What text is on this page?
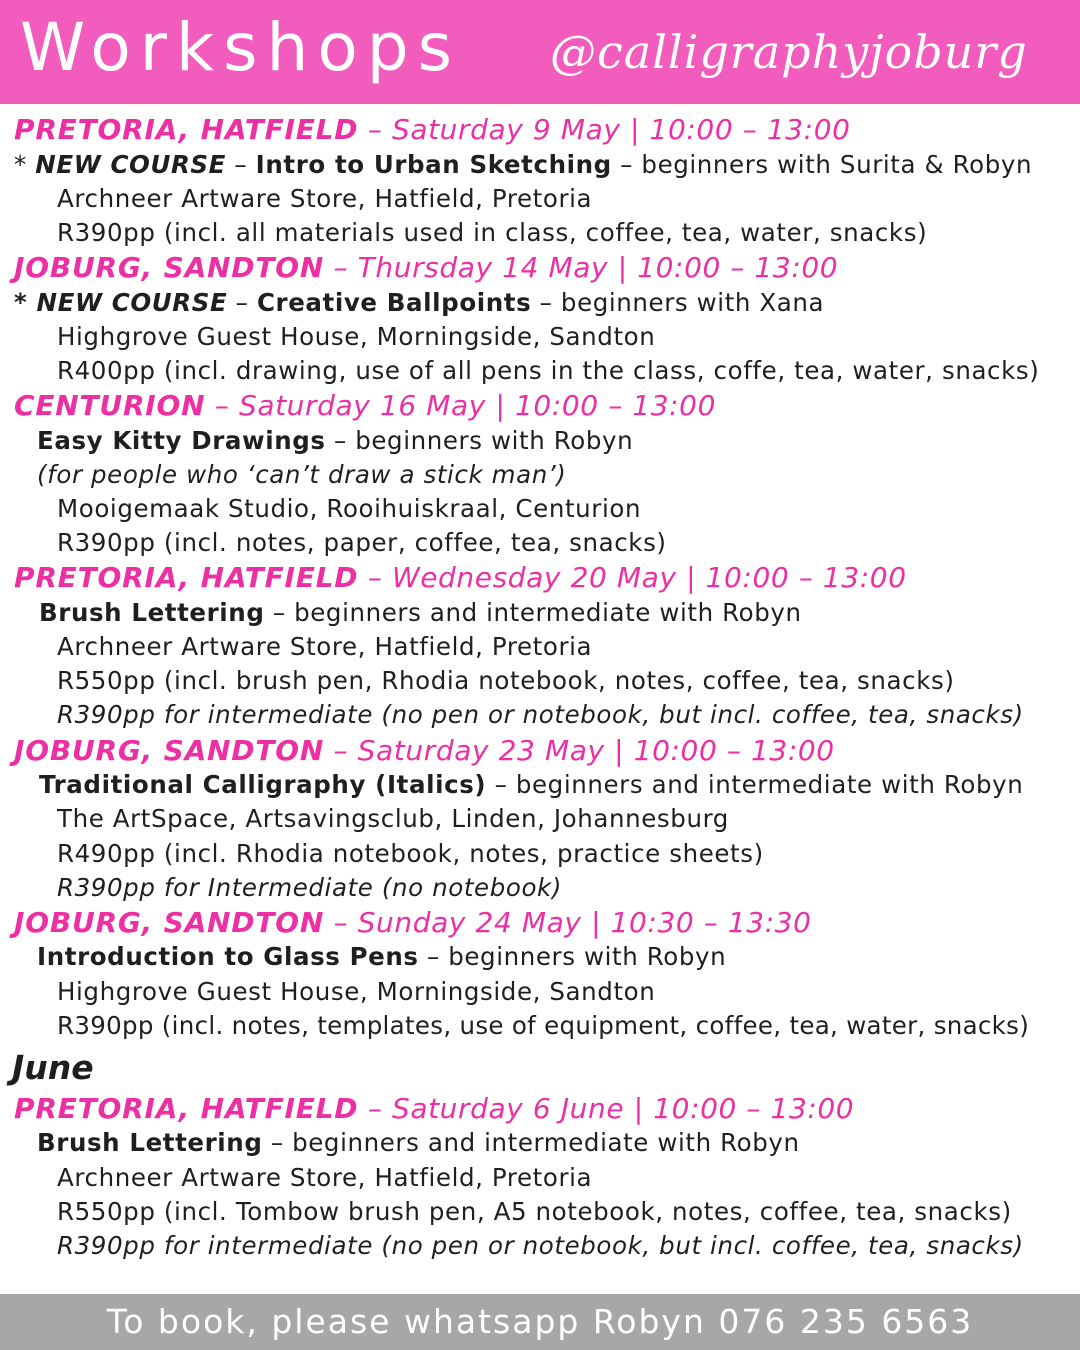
Workshops @calligraphyjoburg
PRETORIA, HATFIELD – Saturday 9 May | 10:00 – 13:00
* NEW COURSE – Intro to Urban Sketching – beginners with Surita & Robyn
Archneer Artware Store, Hatfield, Pretoria
R390pp (incl. all materials used in class, coffee, tea, water, snacks)
JOBURG, SANDTON – Thursday 14 May | 10:00 – 13:00
* NEW COURSE – Creative Ballpoints – beginners with Xana
Highgrove Guest House, Morningside, Sandton
R400pp (incl. drawing, use of all pens in the class, coffe, tea, water, snacks)
CENTURION – Saturday 16 May | 10:00 – 13:00
Easy Kitty Drawings – beginners with Robyn
(for people who ‘can’t draw a stick man’)
Mooigemaak Studio, Rooihuiskraal, Centurion
R390pp (incl. notes, paper, coffee, tea, snacks)
PRETORIA, HATFIELD – Wednesday 20 May | 10:00 – 13:00
Brush Lettering – beginners and intermediate with Robyn
Archneer Artware Store, Hatfield, Pretoria
R550pp (incl. brush pen, Rhodia notebook, notes, coffee, tea, snacks)
R390pp for intermediate (no pen or notebook, but incl. coffee, tea, snacks)
JOBURG, SANDTON – Saturday 23 May | 10:00 – 13:00
Traditional Calligraphy (Italics) – beginners and intermediate with Robyn
The ArtSpace, Artsavingsclub, Linden, Johannesburg
R490pp (incl. Rhodia notebook, notes, practice sheets)
R390pp for Intermediate (no notebook)
JOBURG, SANDTON – Sunday 24 May | 10:30 – 13:30
Introduction to Glass Pens – beginners with Robyn
Highgrove Guest House, Morningside, Sandton
R390pp (incl. notes, templates, use of equipment, coffee, tea, water, snacks)
June
PRETORIA, HATFIELD – Saturday 6 June | 10:00 – 13:00
Brush Lettering – beginners and intermediate with Robyn
Archneer Artware Store, Hatfield, Pretoria
R550pp (incl. Tombow brush pen, A5 notebook, notes, coffee, tea, snacks)
R390pp for intermediate (no pen or notebook, but incl. coffee, tea, snacks)
To book, please whatsapp Robyn 076 235 6563
